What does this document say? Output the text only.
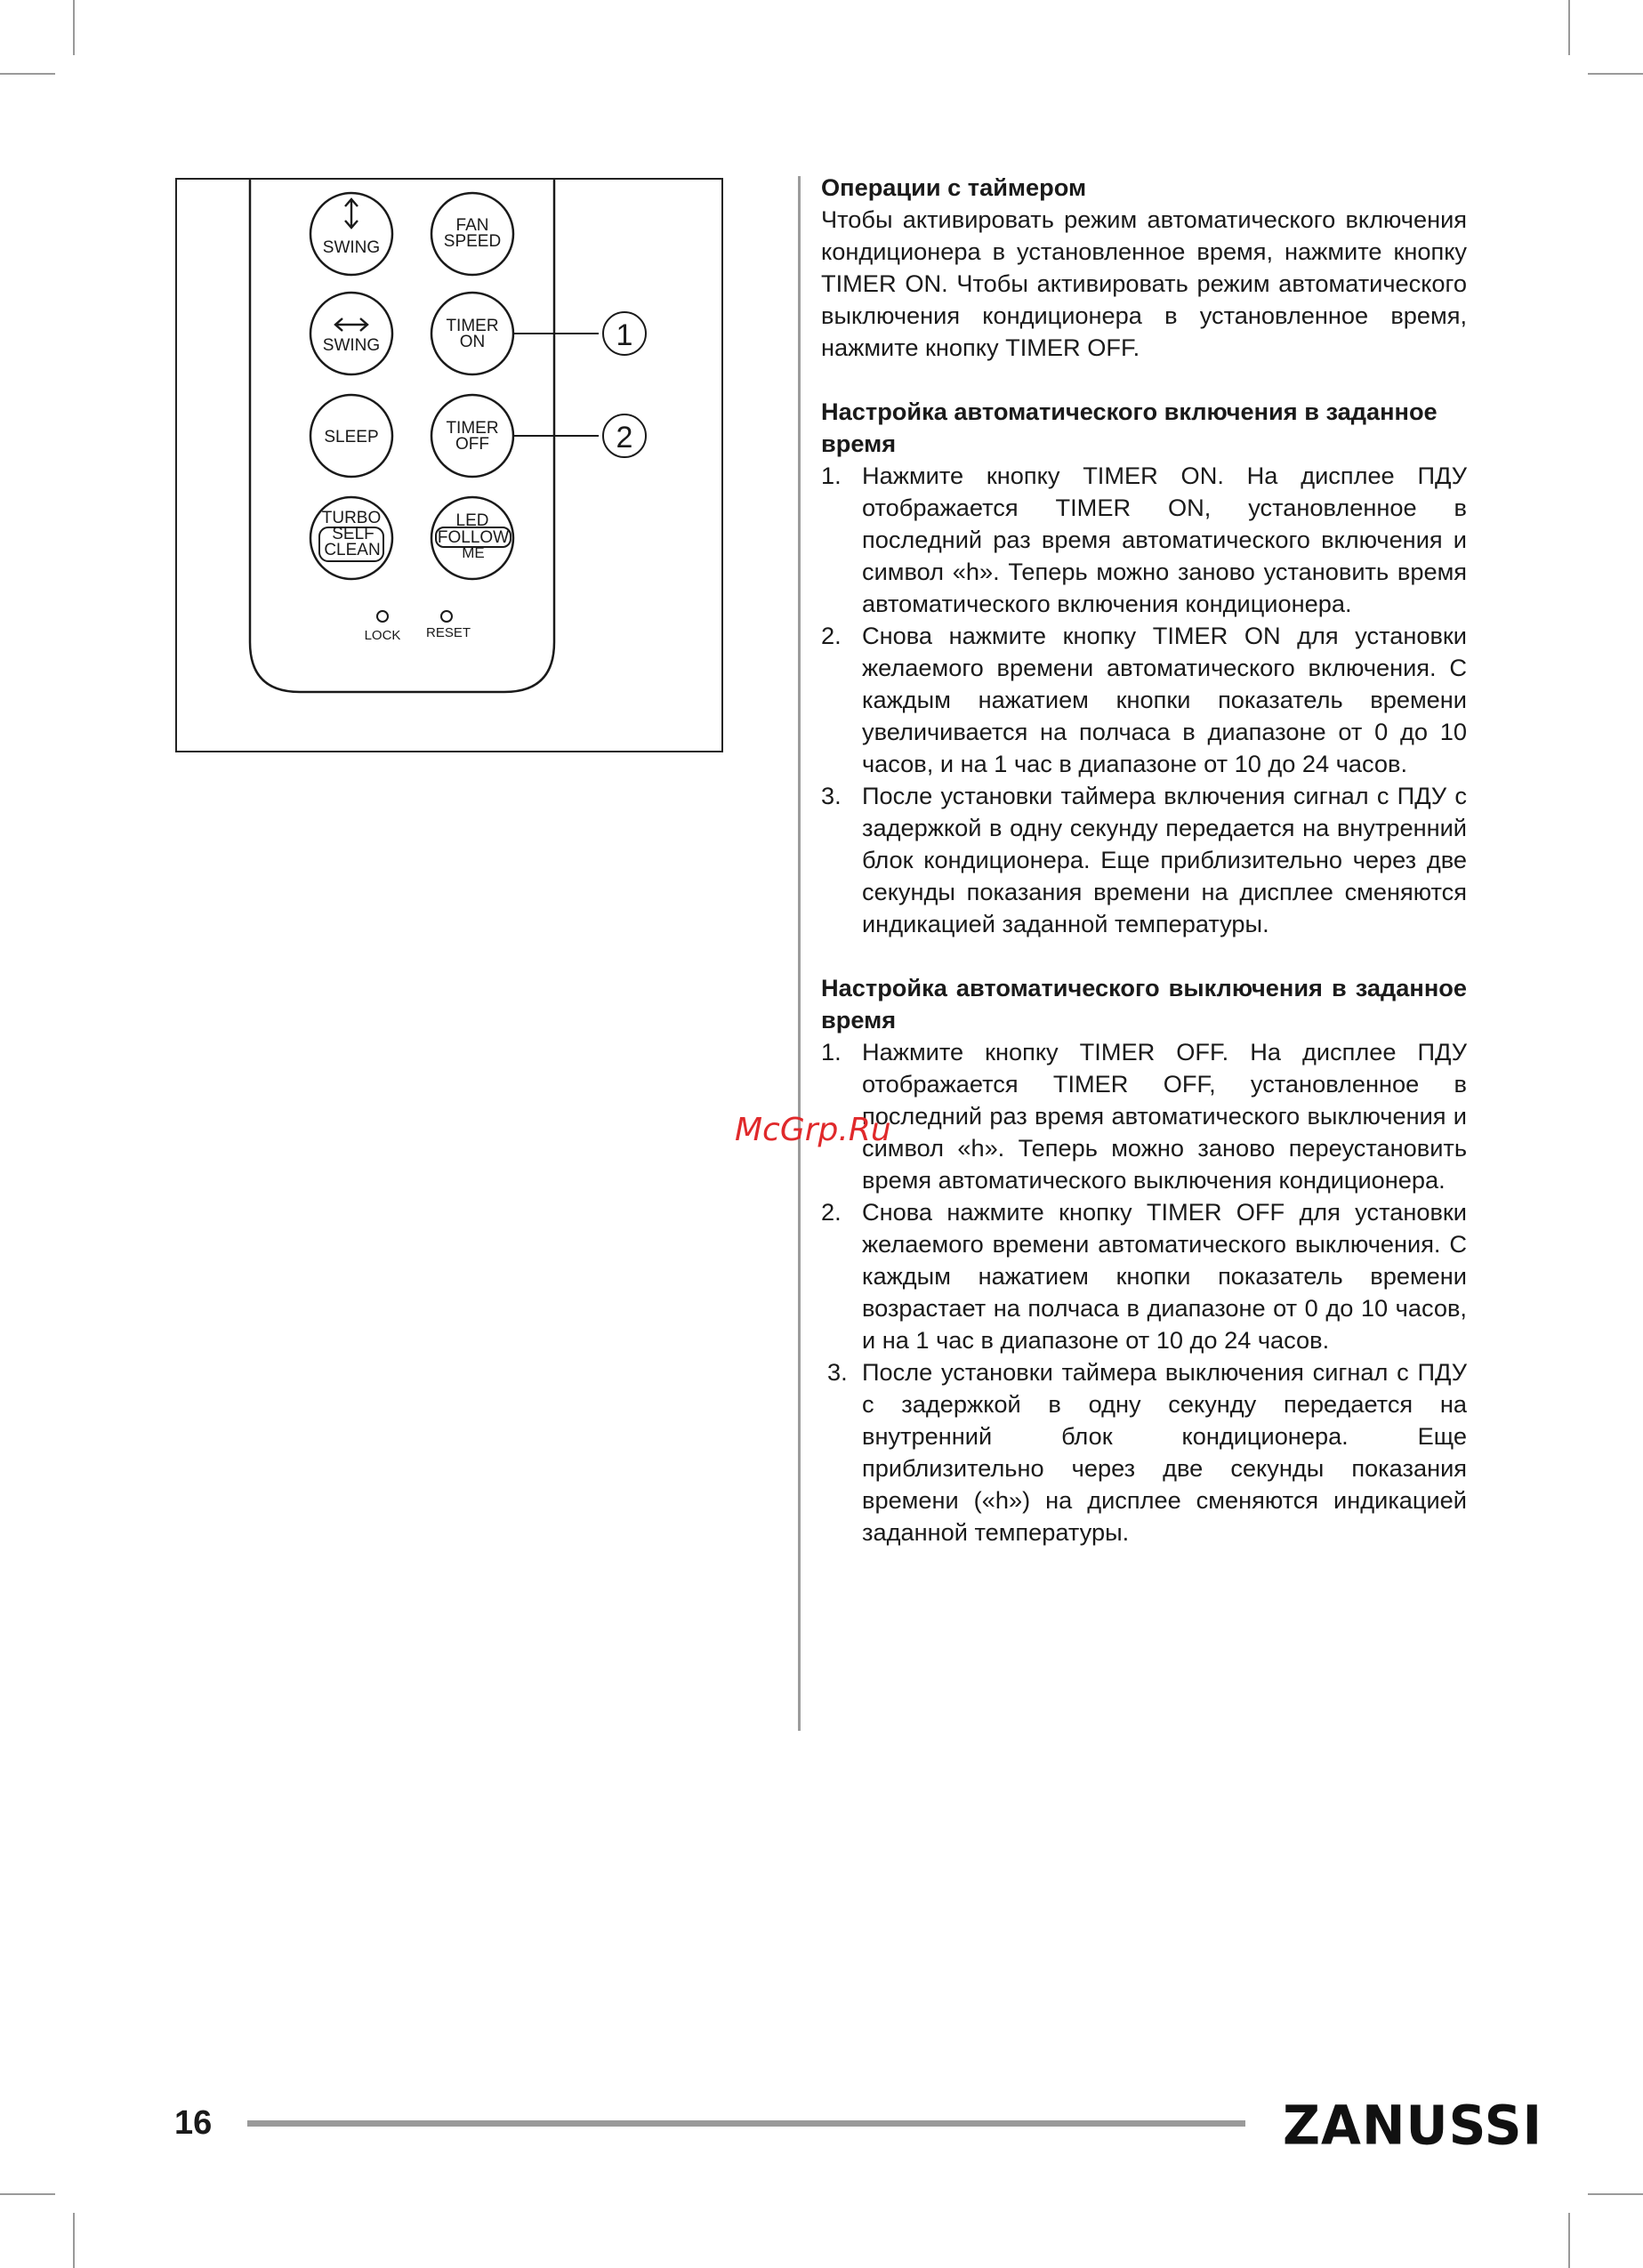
SWING
FAN
SPEED
SWING
TIMER
ON
SLEEP	TIMER
OFF
TURBO
SELF
CLEAN
LED
FOLLOW
ME
LOCK RESET
1
2
Операции с таймером
Чтобы активировать режим автоматического включения кондиционера в установленное время, нажмите кнопку TIMER ON. Чтобы активировать режим автоматического выключения кондиционера в установленное время, нажмите кнопку TIMER OFF.
Настройка автоматического включения в заданное время
1. Нажмите кнопку TIMER ON. На дисплее ПДУ отображается TIMER ON, установленное в последний раз время автоматического включения и символ «h». Теперь можно заново установить время автоматического включения кондиционера.
2. Снова нажмите кнопку TIMER ON для установки желаемого времени автоматического включения. С каждым нажатием кнопки показатель времени увеличивается на полчаса в диапазоне от 0 до 10 часов, и на 1 час в диапазоне от 10 до 24 часов.
3. После установки таймера включения сигнал с ПДУ с задержкой в одну секунду передается на внутренний блок кондиционера. Еще приблизительно через две секунды показания времени на дисплее сменяются индикацией заданной температуры.
Настройка автоматического выключения в заданное время
1. Нажмите кнопку TIMER OFF. На дисплее ПДУ отображается TIMER OFF, установленное в последний раз время автоматического выключения и символ «h». Теперь можно заново переустановить время автоматического выключения кондиционера.
2. Снова нажмите кнопку TIMER OFF для установки желаемого времени автоматического выключения. С каждым нажатием кнопки показатель времени возрастает на полчаса в диапазоне от 0 до 10 часов, и на 1 час в диапазоне от 10 до 24 часов.
3. После установки таймера выключения сигнал с ПДУ с задержкой в одну секунду передается на внутренний блок кондиционера. Еще приблизительно через две секунды показания времени («h») на дисплее сменяются индикацией заданной температуры.
McGrp.Ru
16	ZANUSSI
